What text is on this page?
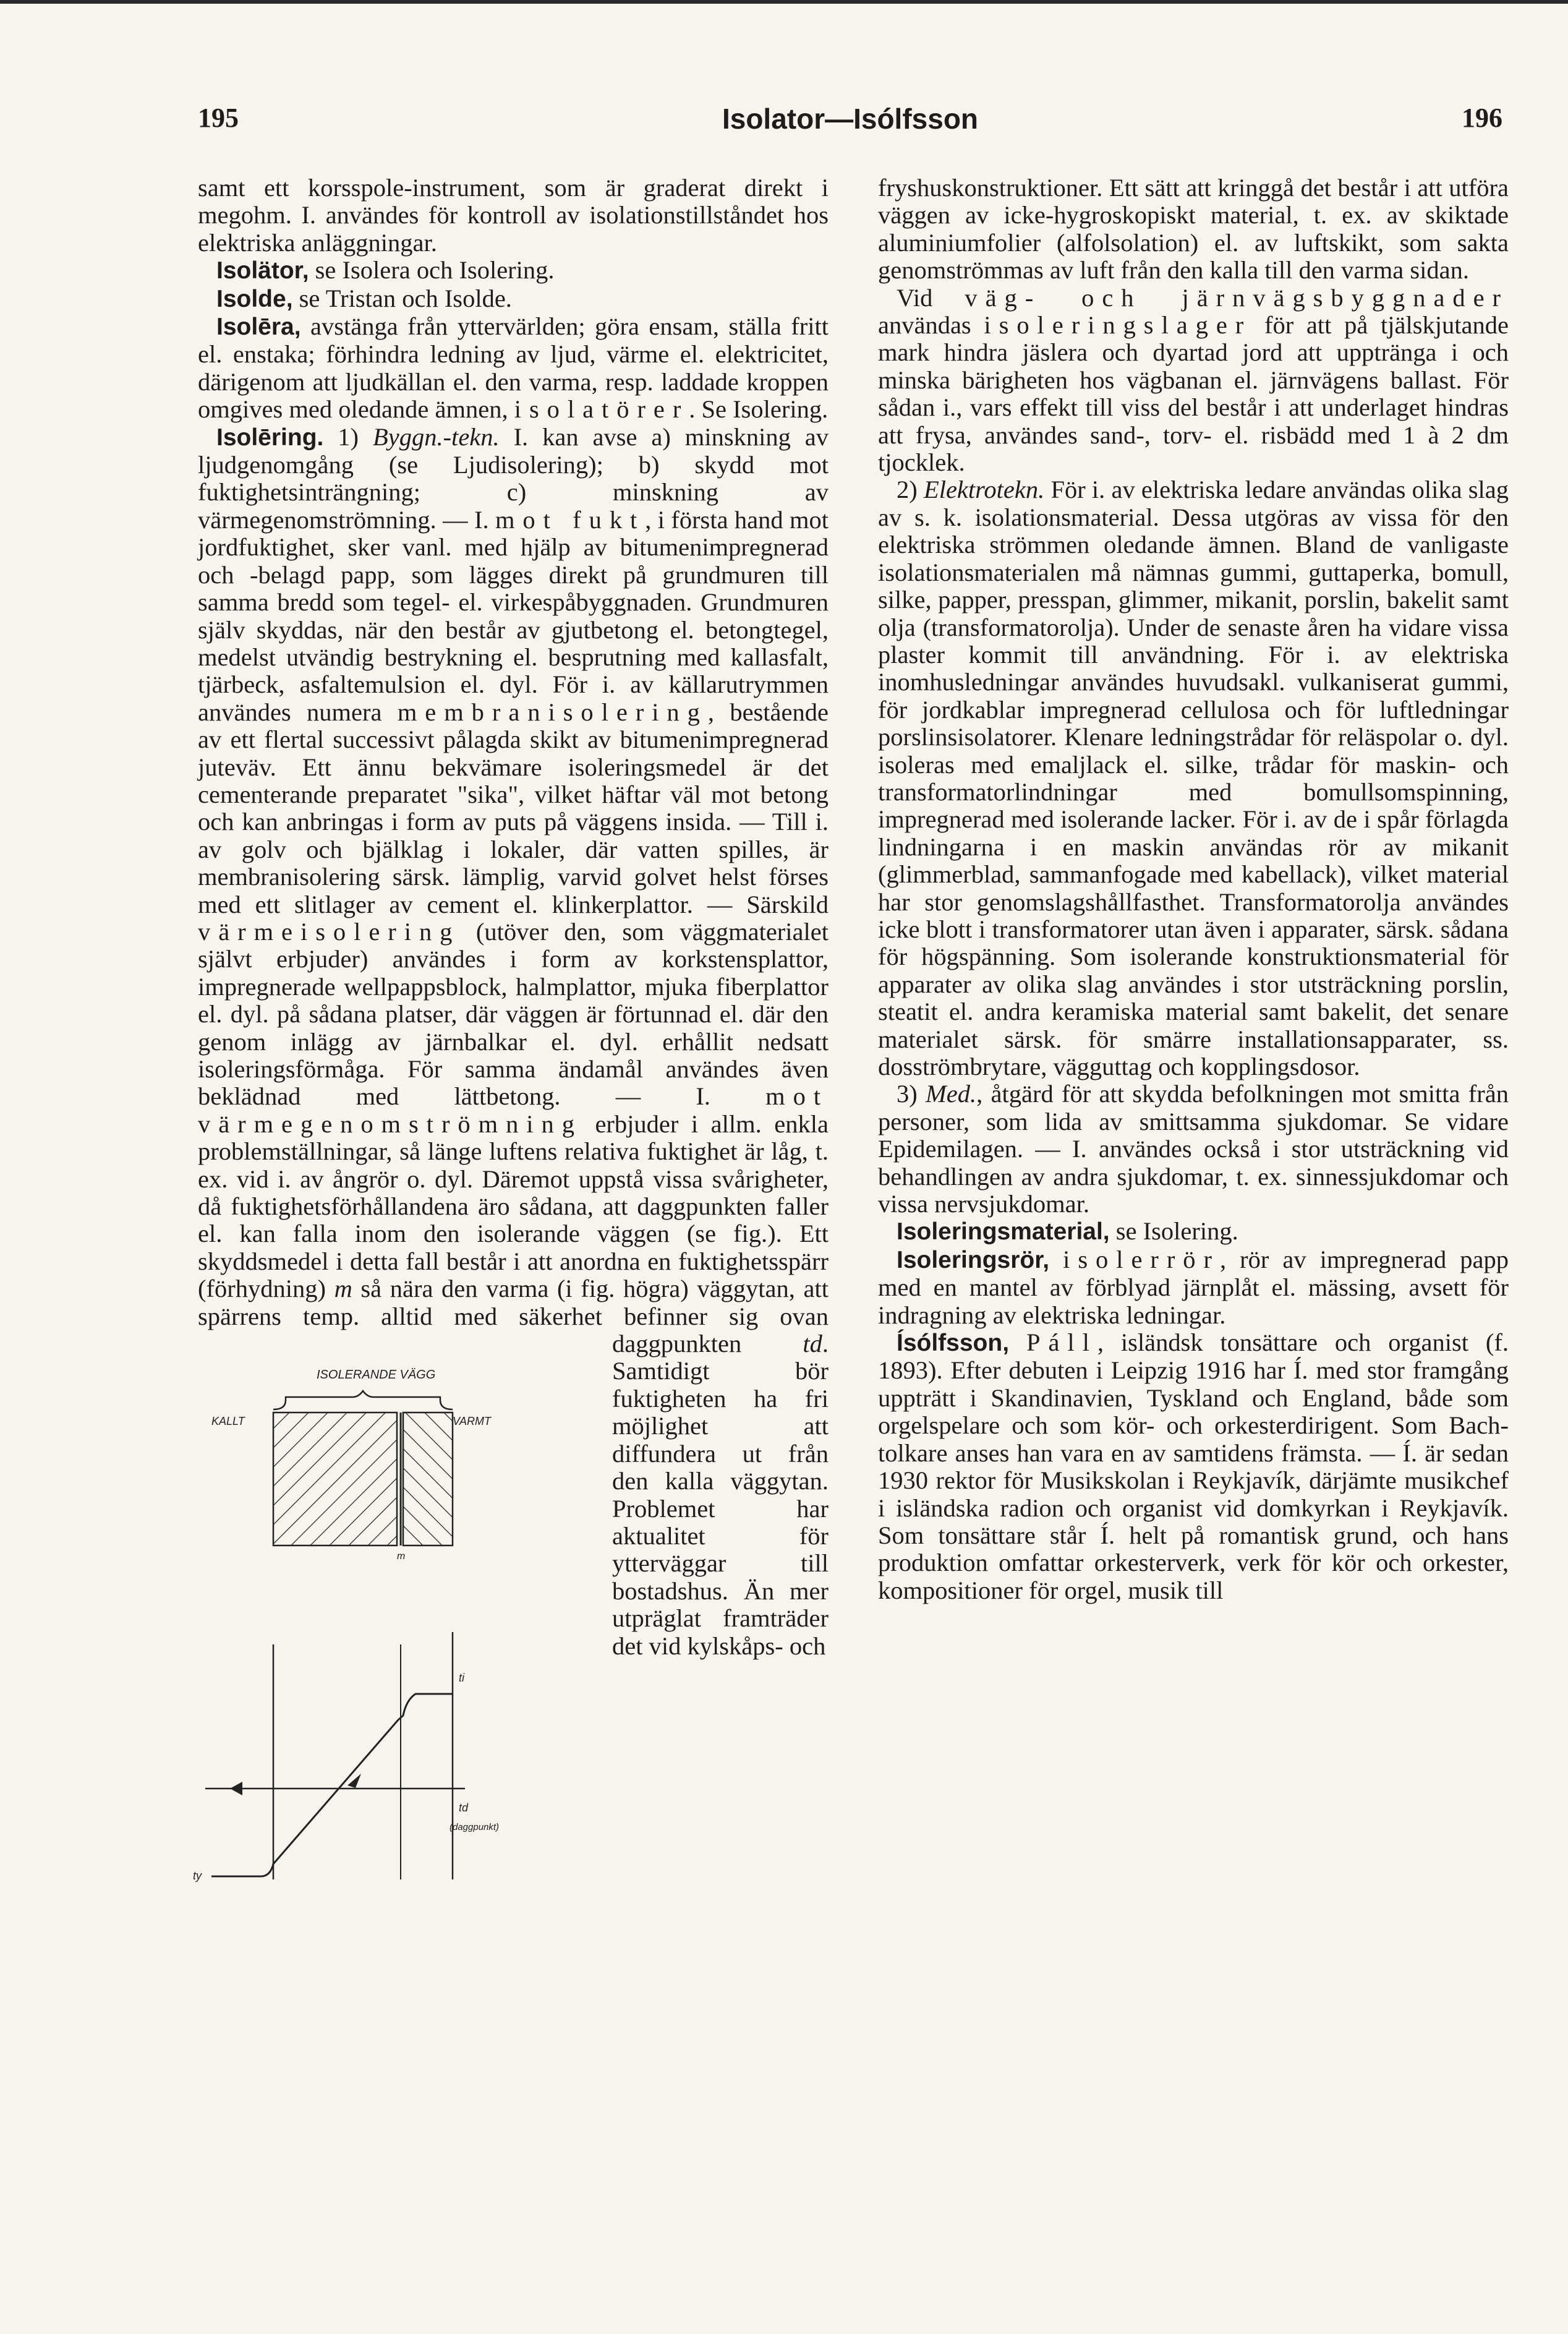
195	Isolator—Isólfsson	196

samt ett korsspole-instrument, som är graderat direkt i megohm. I. användes för kontroll av isolationstillståndet hos elektriska anläggningar.

Isolätor, se Isolera och Isolering.

Isolde, se Tristan och Isolde.

Isolēra, avstänga från yttervärlden; göra ensam, ställa fritt el. enstaka; förhindra ledning av ljud, värme el. elektricitet, därigenom att ljudkällan el. den varma, resp. laddade kroppen omgives med oledande ämnen, isolatörer. Se Isolering.

Isolēring. 1) Byggn.-tekn. I. kan avse a) minskning av ljudgenomgång (se Ljudisolering); b) skydd mot fuktighetsinträngning; c) minskning av värmegenomströmning. — I. mot fukt, i första hand mot jordfuktighet, sker vanl. med hjälp av bitumenimpregnerad och -belagd papp, som lägges direkt på grundmuren till samma bredd som tegel- el. virkespåbyggnaden. Grundmuren själv skyddas, när den består av gjutbetong el. betongtegel, medelst utvändig bestrykning el. besprutning med kallasfalt, tjärbeck, asfaltemulsion el. dyl. För i. av källarutrymmen användes numera membranisolering, bestående av ett flertal successivt pålagda skikt av bitumenimpregnerad juteväv. Ett ännu bekvämare isoleringsmedel är det cementerande preparatet "sika", vilket häftar väl mot betong och kan anbringas i form av puts på väggens insida. — Till i. av golv och bjälklag i lokaler, där vatten spilles, är membranisolering särsk. lämplig, varvid golvet helst förses med ett slitlager av cement el. klinkerplattor. — Särskild värmeisolering (utöver den, som väggmaterialet självt erbjuder) användes i form av korkstensplattor, impregnerade wellpappsblock, halmplattor, mjuka fiberplattor el. dyl. på sådana platser, där väggen är förtunnad el. där den genom inlägg av järnbalkar el. dyl. erhållit nedsatt isoleringsförmåga. För samma ändamål användes även beklädnad med lättbetong. — I. mot värmegenomströmning erbjuder i allm. enkla problemställningar, så länge luftens relativa fuktighet är låg, t. ex. vid i. av ångrör o. dyl. Däremot uppstå vissa svårigheter, då fuktighetsförhållandena äro sådana, att daggpunkten faller el. kan falla inom den isolerande väggen (se fig.). Ett skyddsmedel i detta fall består i att anordna en fuktighetsspärr (förhydning) m så nära den varma (i fig. högra) väggytan, att spärrens temp. alltid med säkerhet befinner sig ovan daggpunkten
ISOLERANDE VÄGG
KALLT	VARMT
m
ti
td
(daggpunkt)
ty
td. Samtidigt bör fuktigheten ha fri möjlighet att diffundera ut från den kalla väggytan. Problemet har aktualitet för ytterväggar till bostadshus. Än mer utpräglat framträder det vid kylskåps- och

fryshuskonstruktioner. Ett sätt att kringgå det består i att utföra väggen av icke-hygroskopiskt material, t. ex. av skiktade aluminiumfolier (alfolsolation) el. av luftskikt, som sakta genomströmmas av luft från den kalla till den varma sidan.

Vid väg- och järnvägsbyggnader användas isoleringslager för att på tjälskjutande mark hindra jäslera och dyartad jord att upptränga i och minska bärigheten hos vägbanan el. järnvägens ballast. För sådan i., vars effekt till viss del består i att underlaget hindras att frysa, användes sand-, torv- el. risbädd med 1 à 2 dm tjocklek.

2) Elektrotekn. För i. av elektriska ledare användas olika slag av s. k. isolationsmaterial. Dessa utgöras av vissa för den elektriska strömmen oledande ämnen. Bland de vanligaste isolationsmaterialen må nämnas gummi, guttaperka, bomull, silke, papper, presspan, glimmer, mikanit, porslin, bakelit samt olja (transformatorolja). Under de senaste åren ha vidare vissa plaster kommit till användning. För i. av elektriska inomhusledningar användes huvudsakl. vulkaniserat gummi, för jordkablar impregnerad cellulosa och för luftledningar porslinsisolatorer. Klenare ledningstrådar för reläspolar o. dyl. isoleras med emaljlack el. silke, trådar för maskin- och transformatorlindningar med bomullsomspinning, impregnerad med isolerande lacker. För i. av de i spår förlagda lindningarna i en maskin användas rör av mikanit (glimmerblad, sammanfogade med kabellack), vilket material har stor genomslagshållfasthet. Transformatorolja användes icke blott i transformatorer utan även i apparater, särsk. sådana för högspänning. Som isolerande konstruktionsmaterial för apparater av olika slag användes i stor utsträckning porslin, steatit el. andra keramiska material samt bakelit, det senare materialet särsk. för smärre installationsapparater, ss. dosströmbrytare, vägguttag och kopplingsdosor.

3) Med., åtgärd för att skydda befolkningen mot smitta från personer, som lida av smittsamma sjukdomar. Se vidare Epidemilagen. — I. användes också i stor utsträckning vid behandlingen av andra sjukdomar, t. ex. sinnessjukdomar och vissa nervsjukdomar.

Isoleringsmaterial, se Isolering.

Isoleringsrör, isolerrör, rör av impregnerad papp med en mantel av förblyad järnplåt el. mässing, avsett för indragning av elektriska ledningar.

Ísólfsson, Páll, isländsk tonsättare och organist (f. 1893). Efter debuten i Leipzig 1916 har Í. med stor framgång uppträtt i Skandinavien, Tyskland och England, både som orgelspelare och som kör- och orkesterdirigent. Som Bach-tolkare anses han vara en av samtidens främsta. — Í. är sedan 1930 rektor för Musikskolan i Reykjavík, därjämte musikchef i isländska radion och organist vid domkyrkan i Reykjavík. Som tonsättare står Í. helt på romantisk grund, och hans produktion omfattar orkesterverk, verk för kör och orkester, kompositioner för orgel, musik till
